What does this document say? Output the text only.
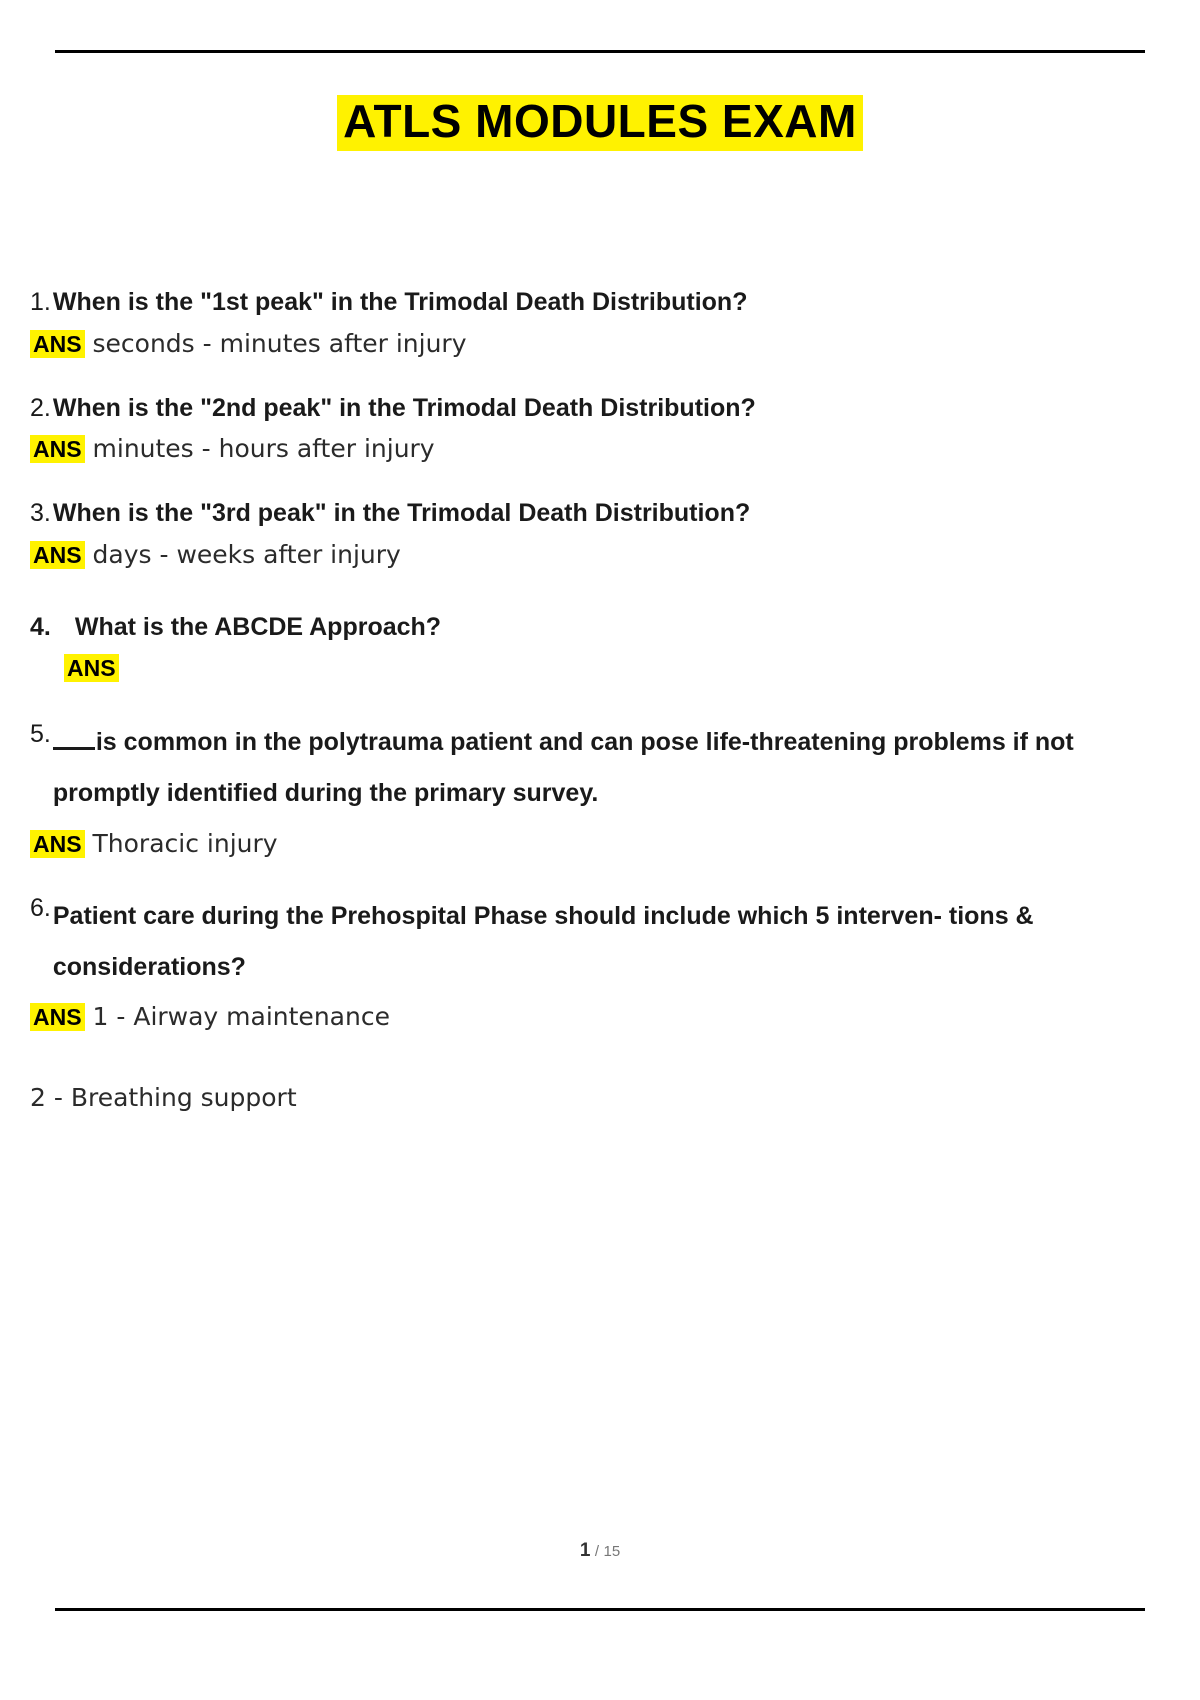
ATLS MODULES EXAM
1. When is the "1st peak" in the Trimodal Death Distribution?
ANS seconds - minutes after injury
2. When is the "2nd peak" in the Trimodal Death Distribution?
ANS minutes - hours after injury
3. When is the "3rd peak" in the Trimodal Death Distribution?
ANS days - weeks after injury
4. What is the ABCDE Approach?
ANS
5.	is common in the polytrauma patient and can pose life-threatening problems if not promptly identified during the primary survey.
ANS Thoracic injury
6. Patient care during the Prehospital Phase should include which 5 interven- tions & considerations?
ANS 1 - Airway maintenance
2 - Breathing support
1 / 15
